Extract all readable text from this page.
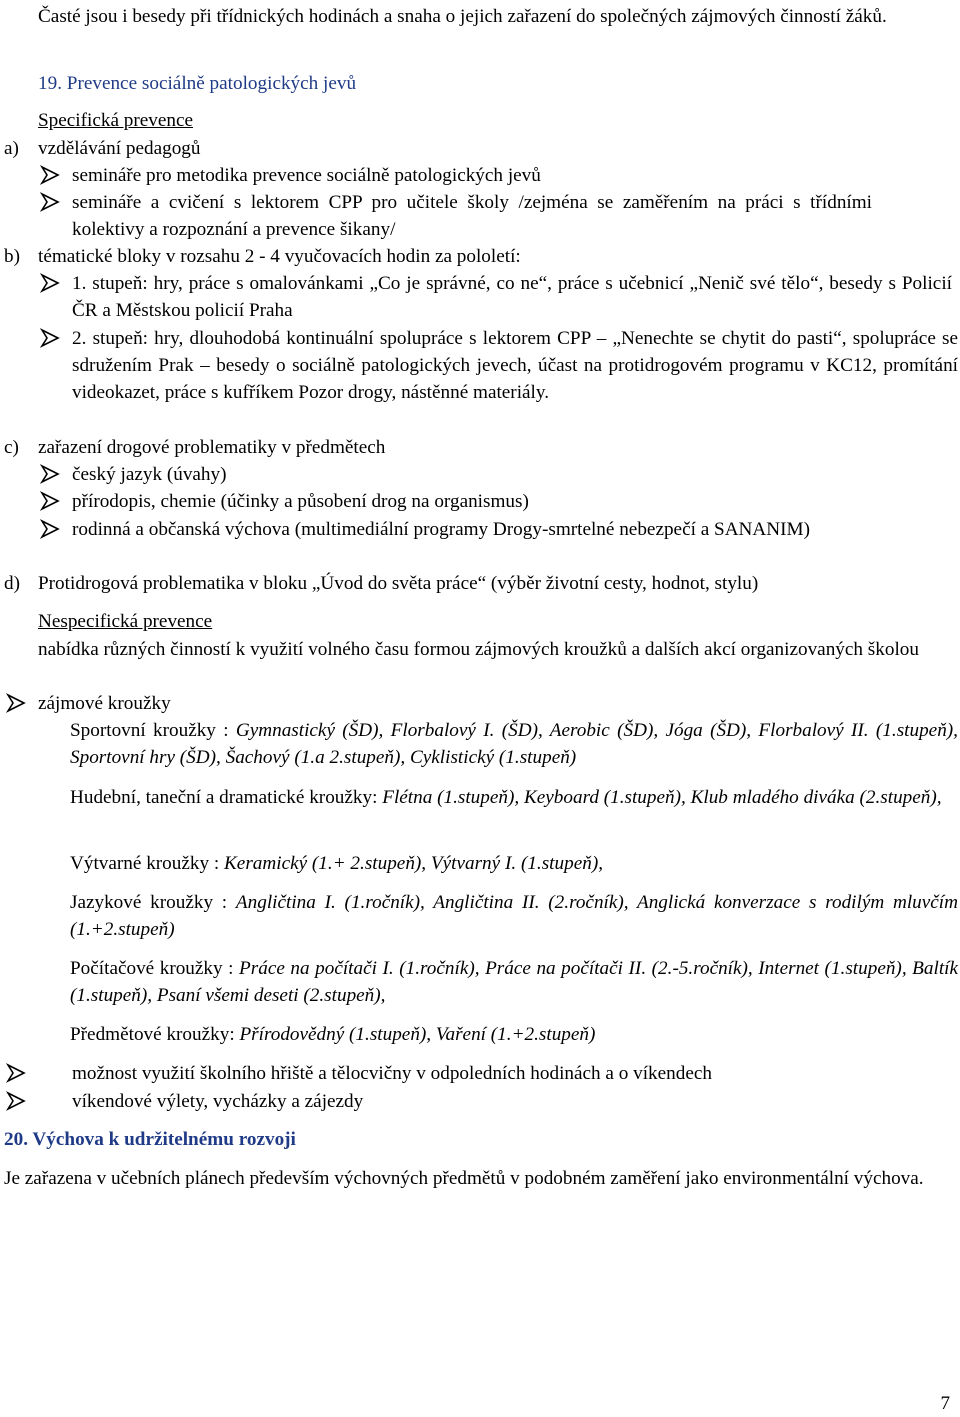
Časté jsou i besedy při třídnických hodinách a snaha o jejich zařazení do společných zájmových činností žáků.

19. Prevence sociálně patologických jevů
Specifická prevence
a) vzdělávání pedagogů
semináře pro metodika prevence sociálně patologických jevů
semináře a cvičení s lektorem CPP pro učitele školy /zejména se zaměřením na práci s třídními kolektivy a rozpoznání a prevence šikany/
b) tématické bloky v rozsahu 2 - 4 vyučovacích hodin za pololetí:
1. stupeň: hry, práce s omalovánkami „Co je správné, co ne“, práce s učebnicí „Nenič své tělo“, besedy s Policií ČR a Městskou policií Praha
2. stupeň: hry, dlouhodobá kontinuální spolupráce s lektorem CPP – „Nenechte se chytit do pasti“, spolupráce se sdružením Prak – besedy o sociálně patologických jevech, účast na protidrogovém programu v KC12, promítání videokazet, práce s kufříkem Pozor drogy, nástěnné materiály.
c) zařazení drogové problematiky v předmětech
český jazyk (úvahy)
přírodopis, chemie (účinky a působení drog na organismus)
rodinná a občanská výchova (multimediální programy Drogy-smrtelné nebezpečí a SANANIM)
d) Protidrogová problematika v bloku „Úvod do světa práce“ (výběr životní cesty, hodnot, stylu)
Nespecifická prevence
nabídka různých činností k využití volného času formou zájmových kroužků a dalších akcí organizovaných školou
zájmové kroužky

Sportovní kroužky : Gymnastický (ŠD), Florbalový I. (ŠD), Aerobic (ŠD), Jóga (ŠD), Florbalový II. (1.stupeň), Sportovní hry (ŠD), Šachový (1.a 2.stupeň), Cyklistický (1.stupeň)

Hudební, taneční a dramatické kroužky: Flétna (1.stupeň), Keyboard (1.stupeň), Klub mladého diváka (2.stupeň),

Výtvarné kroužky : Keramický (1.+ 2.stupeň), Výtvarný I. (1.stupeň),

Jazykové kroužky : Angličtina I. (1.ročník), Angličtina II. (2.ročník), Anglická konverzace s rodilým mluvčím (1.+2.stupeň)

Počítačové kroužky : Práce na počítači I. (1.ročník), Práce na počítači II. (2.-5.ročník), Internet (1.stupeň), Baltík (1.stupeň), Psaní všemi deseti (2.stupeň),

Předmětové kroužky: Přírodovědný (1.stupeň), Vaření (1.+2.stupeň)

možnost využití školního hřiště a tělocvičny v odpoledních hodinách a o víkendech
víkendové výlety, vycházky a zájezdy
20. Výchova k udržitelnému rozvoji

Je zařazena v učebních plánech především výchovných předmětů v podobném zaměření jako environmentální výchova.

7
